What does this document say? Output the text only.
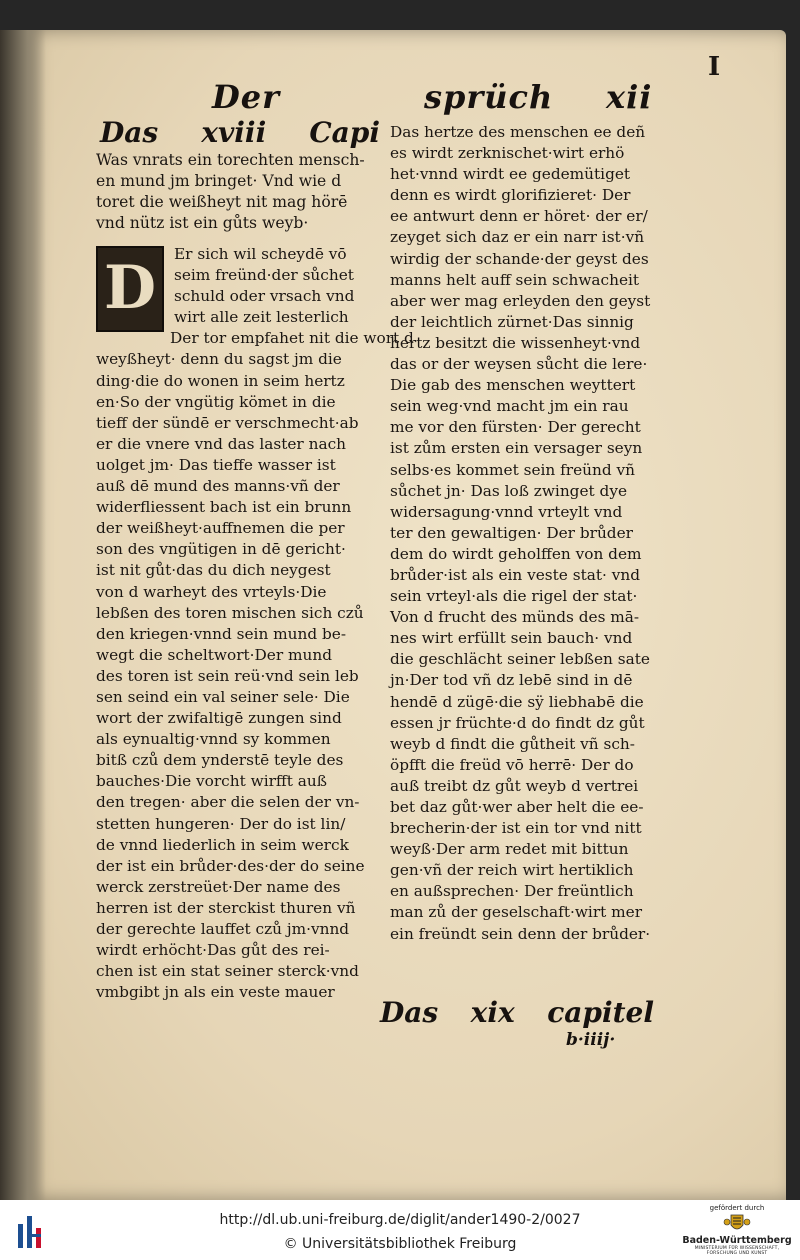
Der	sprüch xii
I
Das xviii Capi
Was vnrats ein torechten mensch-
en mund jm bringet· Vnd wie d
toret die weißheyt nit mag hörē
vnd nütz ist ein gůts weyb·
D	Er sich wil scheydē vō
seim freünd·der sůchet
schuld oder vrsach vnd
wirt alle zeit lesterlich
Der tor empfahet nit die wort d
weyßheyt· denn du sagst jm die
ding·die do wonen in seim hertz
en·So der vngütig kömet in die
tieff der sündē er verschmecht·ab
er die vnere vnd das laster nach
uolget jm· Das tieffe wasser ist
auß dē mund des manns·vñ der
widerfliessent bach ist ein brunn
der weißheyt·auffnemen die per
son des vngütigen in dē gericht·
ist nit gůt·das du dich neygest
von d warheyt des vrteyls·Die
lebßen des toren mischen sich czů
den kriegen·vnnd sein mund be-
wegt die scheltwort·Der mund
des toren ist sein reü·vnd sein leb
sen seind ein val seiner sele· Die
wort der zwifaltigē zungen sind
als eynualtig·vnnd sy kommen
bitß czů dem ynderstē teyle des
bauches·Die vorcht wirfft auß
den tregen· aber die selen der vn-
stetten hungeren· Der do ist lin/
de vnnd liederlich in seim werck
der ist ein brůder·des·der do seine
werck zerstreüet·Der name des
herren ist der sterckist thuren vñ
der gerechte lauffet czů jm·vnnd
wirdt erhöcht·Das gůt des rei-
chen ist ein stat seiner sterck·vnd
vmbgibt jn als ein veste mauer
Das hertze des menschen ee deñ
es wirdt zerknischet·wirt erhö
het·vnnd wirdt ee gedemütiget
denn es wirdt glorifizieret· Der
ee antwurt denn er höret· der er/
zeyget sich daz er ein narr ist·vñ
wirdig der schande·der geyst des
manns helt auff sein schwacheit
aber wer mag erleyden den geyst
der leichtlich zürnet·Das sinnig
hertz besitzt die wissenheyt·vnd
das or der weysen sůcht die lere·
Die gab des menschen weyttert
sein weg·vnd macht jm ein rau
me vor den fürsten· Der gerecht
ist zům ersten ein versager seyn
selbs·es kommet sein freünd vñ
sůchet jn· Das loß zwinget dye
widersagung·vnnd vrteylt vnd
ter den gewaltigen· Der brůder
dem do wirdt geholffen von dem
brůder·ist als ein veste stat· vnd
sein vrteyl·als die rigel der stat·
Von d frucht des münds des mā-
nes wirt erfüllt sein bauch· vnd
die geschlächt seiner lebßen sate
jn·Der tod vñ dz lebē sind in dē
hendē d zügē·die sÿ liebhabē die
essen jr früchte·d do findt dz gůt
weyb d findt die gůtheit vñ sch-
öpfft die freüd vō herrē· Der do
auß treibt dz gůt weyb d vertrei
bet daz gůt·wer aber helt die ee-
brecherin·der ist ein tor vnd nitt
weyß·Der arm redet mit bittun
gen·vñ der reich wirt hertiklich
en außsprechen· Der freüntlich
man zů der geselschaft·wirt mer
ein freündt sein denn der brůder·
Das xix capitel
b·iiij·
http://dl.ub.uni-freiburg.de/diglit/ander1490-2/0027
© Universitätsbibliothek Freiburg
gefördert durch
Baden-Württemberg
MINISTERIUM FÜR WISSENSCHAFT, FORSCHUNG UND KUNST
